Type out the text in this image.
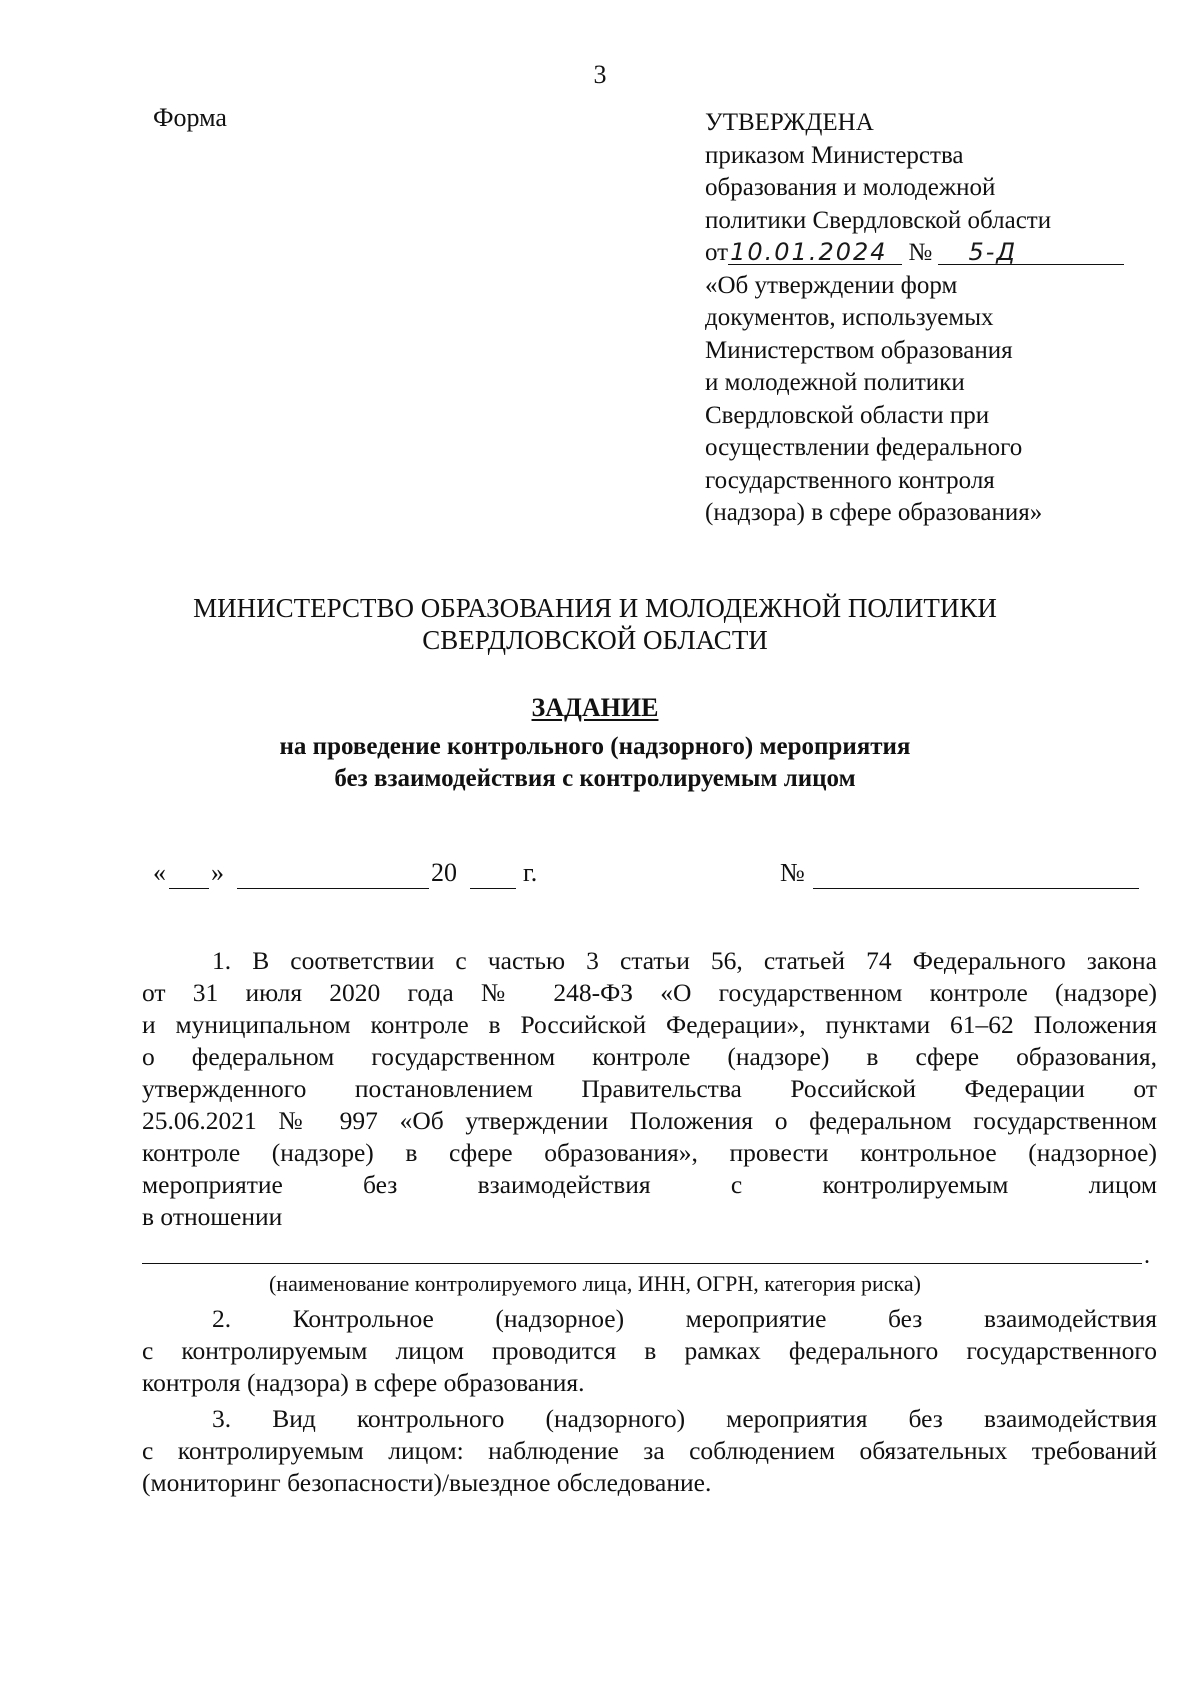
3
Форма	УТВЕРЖДЕНА
приказом Министерства
образования и молодежной
политики Свердловской области
от10.01.2024 № 5-Д
«Об утверждении форм
документов, используемых
Министерством образования
и молодежной политики
Свердловской области при
осуществлении федерального
государственного контроля
(надзора) в сфере образования»
МИНИСТЕРСТВО ОБРАЗОВАНИЯ И МОЛОДЕЖНОЙ ПОЛИТИКИ
СВЕРДЛОВСКОЙ ОБЛАСТИ
ЗАДАНИЕ
на проведение контрольного (надзорного) мероприятия
без взаимодействия с контролируемым лицом
« »	20	г.	№
1. В соответствии с частью 3 статьи 56, статьей 74 Федерального закона
от 31 июля 2020 года № 248-ФЗ «О государственном контроле (надзоре)
и муниципальном контроле в Российской Федерации», пунктами 61–62 Положения
о федеральном государственном контроле (надзоре) в сфере образования,
утвержденного постановлением Правительства Российской Федерации от
25.06.2021 № 997 «Об утверждении Положения о федеральном государственном
контроле (надзоре) в сфере образования», провести контрольное (надзорное)
мероприятие без взаимодействия с контролируемым лицом
в отношении
.
(наименование контролируемого лица, ИНН, ОГРН, категория риска)
2. Контрольное (надзорное) мероприятие без взаимодействия
с контролируемым лицом проводится в рамках федерального государственного
контроля (надзора) в сфере образования.
3. Вид контрольного (надзорного) мероприятия без взаимодействия
с контролируемым лицом: наблюдение за соблюдением обязательных требований
(мониторинг безопасности)/выездное обследование.
